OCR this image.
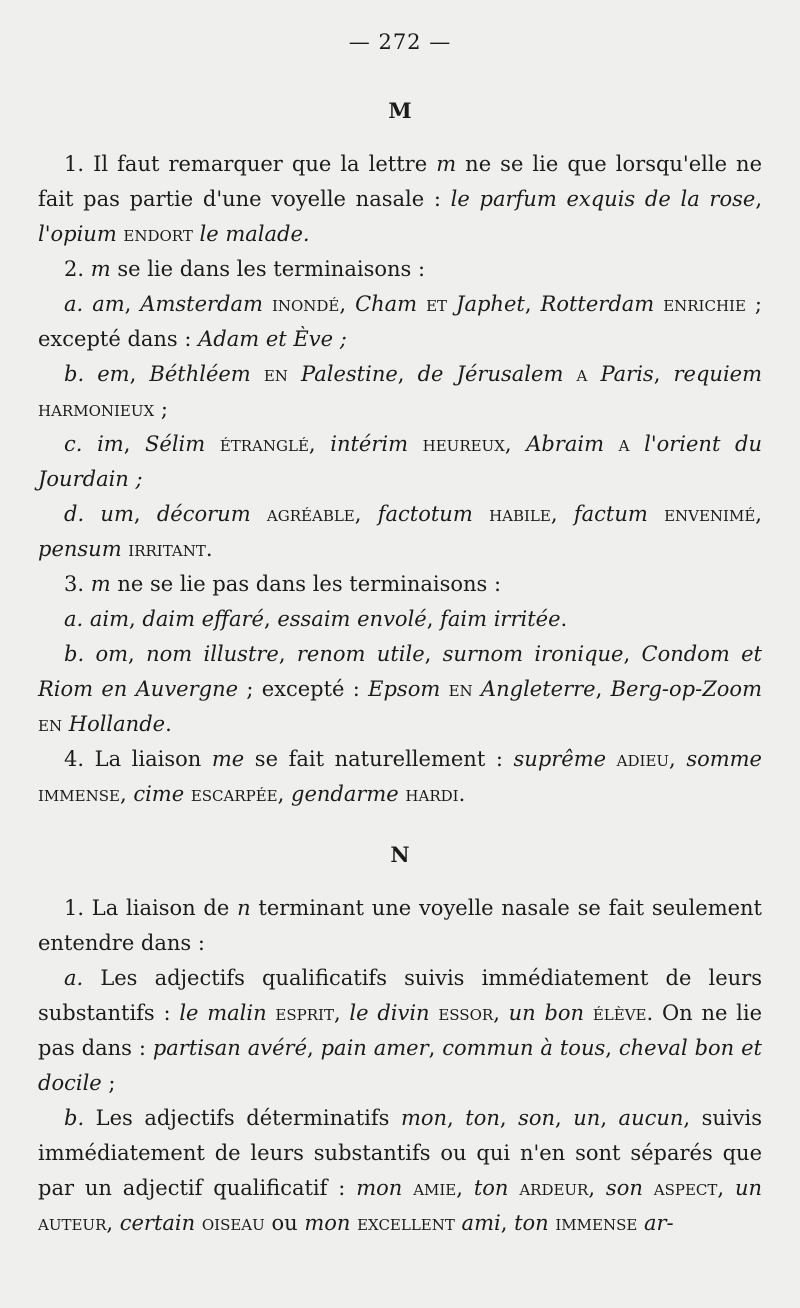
— 272 —
M

1. Il faut remarquer que la lettre m ne se lie que lorsqu'elle ne fait pas partie d'une voyelle nasale : le parfum exquis de la rose, l'opium endort le malade.

2. m se lie dans les terminaisons :

a. am, Amsterdam inondé, Cham et Japhet, Rotterdam enrichie ; excepté dans : Adam et Ève ;

b. em, Béthléem en Palestine, de Jérusalem a Paris, requiem harmonieux ;

c. im, Sélim étranglé, intérim heureux, Abraim a l'orient du Jourdain ;

d. um, décorum agréable, factotum habile, factum envenimé, pensum irritant.

3. m ne se lie pas dans les terminaisons :

a. aim, daim effaré, essaim envolé, faim irritée.

b. om, nom illustre, renom utile, surnom ironique, Condom et Riom en Auvergne ; excepté : Epsom en Angleterre, Berg-op-Zoom en Hollande.

4. La liaison me se fait naturellement : suprême adieu, somme immense, cime escarpée, gendarme hardi.

N

1. La liaison de n terminant une voyelle nasale se fait seulement entendre dans :

a. Les adjectifs qualificatifs suivis immédiatement de leurs substantifs : le malin esprit, le divin essor, un bon élève. On ne lie pas dans : partisan avéré, pain amer, commun à tous, cheval bon et docile ;

b. Les adjectifs déterminatifs mon, ton, son, un, aucun, suivis immédiatement de leurs substantifs ou qui n'en sont séparés que par un adjectif qualificatif : mon amie, ton ardeur, son aspect, un auteur, certain oiseau ou mon excellent ami, ton immense ar-
